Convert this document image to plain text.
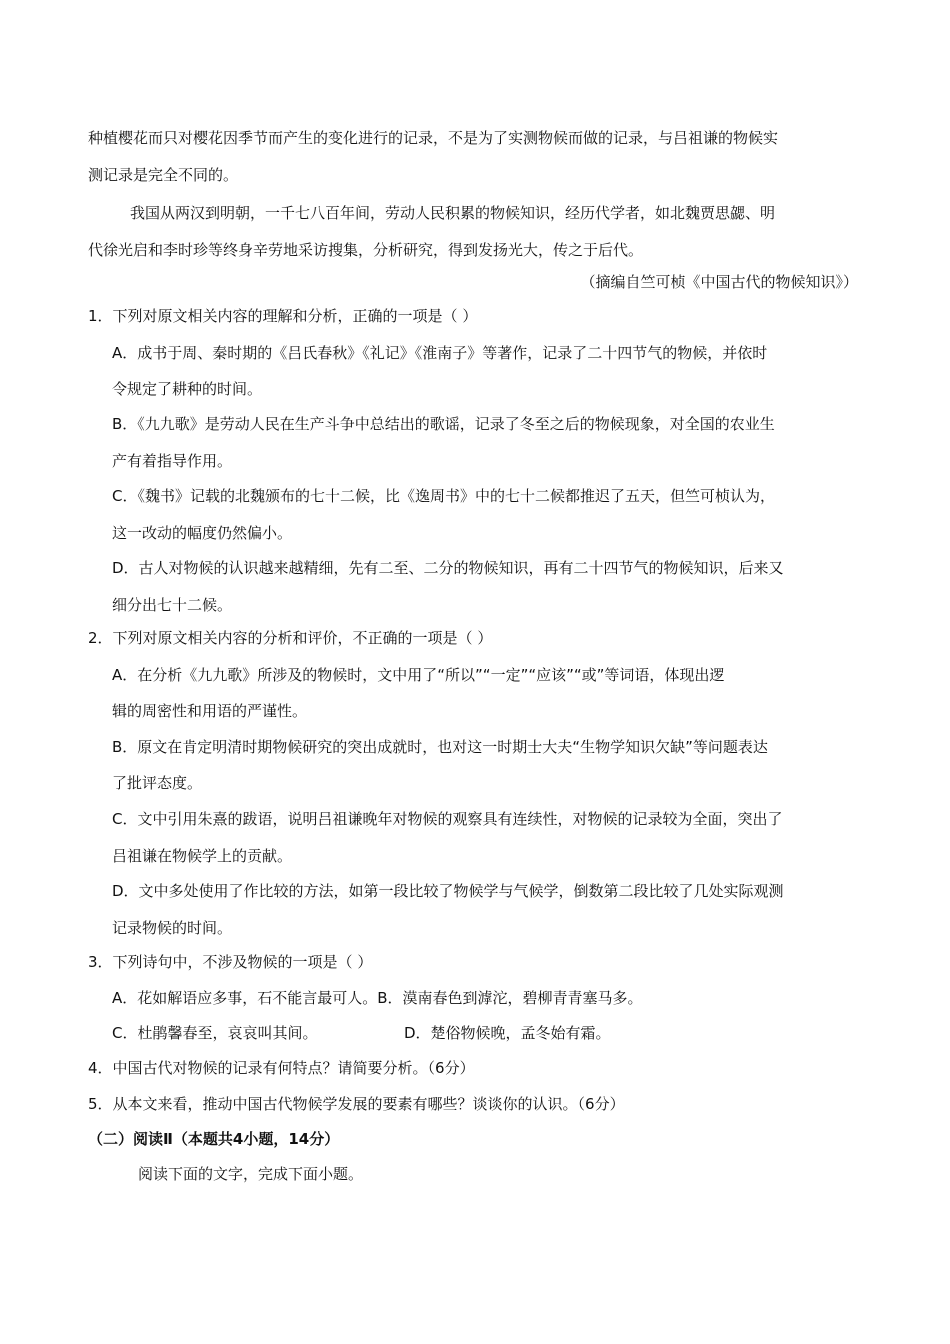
种植樱花而只对樱花因季节而产生的变化进行的记录，不是为了实测物候而做的记录，与吕祖谦的物候实
测记录是完全不同的。
我国从两汉到明朝，一千七八百年间，劳动人民积累的物候知识，经历代学者，如北魏贾思勰、明
代徐光启和李时珍等终身辛劳地采访搜集，分析研究，得到发扬光大，传之于后代。
（摘编自竺可桢《中国古代的物候知识》）
1．下列对原文相关内容的理解和分析，正确的一项是（ ）
A．成书于周、秦时期的《吕氏春秋》《礼记》《淮南子》等著作，记录了二十四节气的物候，并依时
令规定了耕种的时间。
B．《九九歌》是劳动人民在生产斗争中总结出的歌谣，记录了冬至之后的物候现象，对全国的农业生
产有着指导作用。
C．《魏书》记载的北魏颁布的七十二候，比《逸周书》中的七十二候都推迟了五天，但竺可桢认为，
这一改动的幅度仍然偏小。
D．古人对物候的认识越来越精细，先有二至、二分的物候知识，再有二十四节气的物候知识，后来又
细分出七十二候。
2．下列对原文相关内容的分析和评价，不正确的一项是（ ）
A．在分析《九九歌》所涉及的物候时，文中用了“所以”“一定”“应该”“或”等词语，体现出逻
辑的周密性和用语的严谨性。
B．原文在肯定明清时期物候研究的突出成就时，也对这一时期士大夫“生物学知识欠缺”等问题表达
了批评态度。
C．文中引用朱熹的跋语，说明吕祖谦晚年对物候的观察具有连续性，对物候的记录较为全面，突出了
吕祖谦在物候学上的贡献。
D．文中多处使用了作比较的方法，如第一段比较了物候学与气候学，倒数第二段比较了几处实际观测
记录物候的时间。
3．下列诗句中，不涉及物候的一项是（ ）
A．花如解语应多事，石不能言最可人。B．漠南春色到滹沱，碧柳青青塞马多。
C．杜鹃馨春至，哀哀叫其间。	D．楚俗物候晚，孟冬始有霜。
4．中国古代对物候的记录有何特点？请简要分析。（6分）
5．从本文来看，推动中国古代物候学发展的要素有哪些？谈谈你的认识。（6分）
（二）阅读Ⅱ（本题共4小题，14分）
阅读下面的文字，完成下面小题。
